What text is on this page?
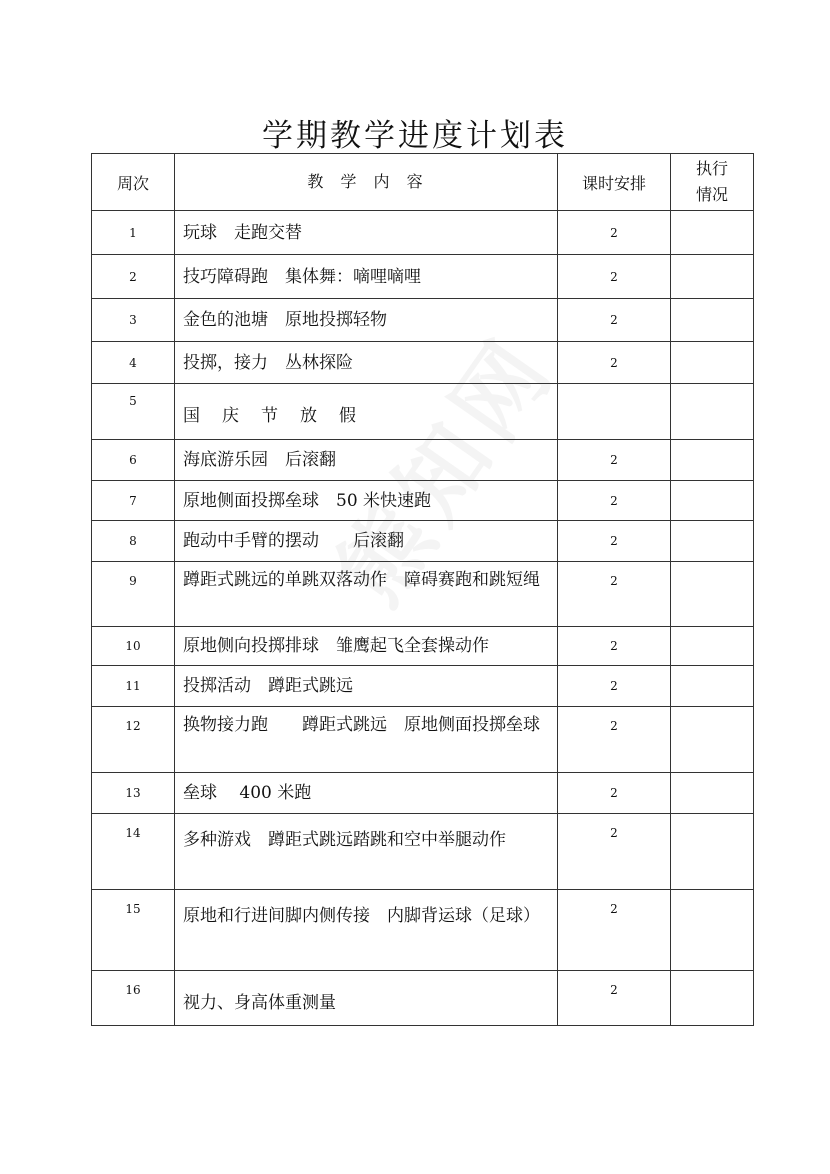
学期教学进度计划表
周次	教 学 内 容	课时安排	执行
情况

1	玩球　走跑交替	2	
2	技巧障碍跑　集体舞：嘀哩嘀哩	2	
3	金色的池塘　原地投掷轻物	2	
4	投掷，接力　丛林探险	2	
5	国庆节放假		
6	海底游乐园　后滚翻	2	
7	原地侧面投掷垒球　50 米快速跑	2	
8	跑动中手臂的摆动　　后滚翻	2	
9	蹲距式跳远的单跳双落动作　障碍赛跑和跳短绳	2	
10	原地侧向投掷排球　雏鹰起飞全套操动作	2	
11	投掷活动　蹲距式跳远	2	
12	换物接力跑　　蹲距式跳远　原地侧面投掷垒球	2	
13	垒球　 400 米跑	2	
14	多种游戏　蹲距式跳远踏跳和空中举腿动作	2	
15	原地和行进间脚内侧传接　内脚背运球（足球）	2	
16	视力、身高体重测量	2	
